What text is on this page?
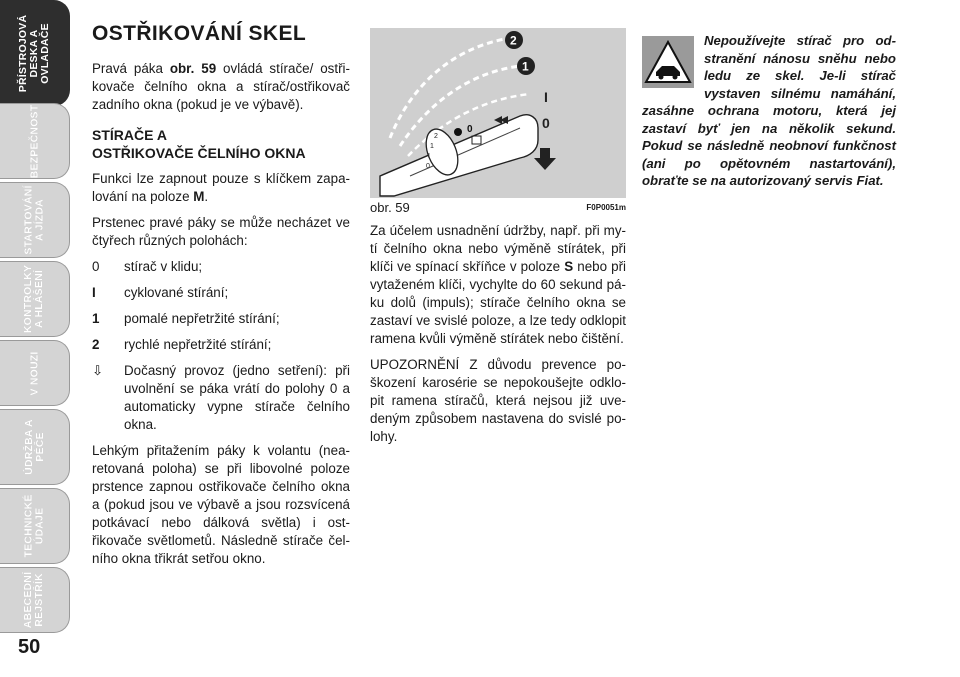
PŘÍSTROJOVÁ
DESKA A
OVLADAČE
BEZPEČNOST
STARTOVÁNÍ
A JÍZDA
KONTROLKY
A HLÁŠENÍ
V NOUZI
ÚDRŽBA A
PÉČE
TECHNICKÉ
ÚDAJE
ABECEDNÍ
REJSTŘÍK
50
OSTŘIKOVÁNÍ SKEL

Pravá páka obr. 59 ovládá stírače/ ostřikovače čelního okna a stírač/ostřikovač zadního okna (pokud je ve výbavě).

STÍRAČE A
OSTŘIKOVAČE ČELNÍHO OKNA

Funkci lze zapnout pouze s klíčkem zapalování na poloze M.

Prstenec pravé páky se může necházet ve čtyřech různých polohách:

0	stírač v klidu;
I	cyklované stírání;
1	pomalé nepřetržité stírání;
2	rychlé nepřetržité stírání;
⇩	Dočasný provoz (jedno setření): při uvolnění se páka vrátí do polohy 0 a automaticky vypne stírače čelního okna.

Lehkým přitažením páky k volantu (nearetovaná poloha) se při libovolné poloze prstence zapnou ostřikovače čelního okna a (pokud jsou ve výbavě a jsou rozsvícená potkávací nebo dálková světla) i ostřikovače světlometů. Následně stírače čelního okna třikrát setřou okno.

2
1
I
0
0
I
0
2
1
obr. 59	F0P0051m

Za účelem usnadnění údržby, např. při mytí čelního okna nebo výměně stírátek, při klíči ve spínací skříňce v poloze S nebo při vytaženém klíči, vychylte do 60 sekund páku dolů (impuls); stírače čelního okna se zastaví ve svislé poloze, a lze tedy odklopit ramena kvůli výměně stírátek nebo čištění.

UPOZORNĚNÍ Z důvodu prevence poškození karosérie se nepokoušejte odklopit ramena stíračů, která nejsou již uvedeným způsobem nastavena do svislé polohy.

Nepoužívejte stírač pro odstranění nánosu sněhu nebo ledu ze skel. Je-li stírač vystaven silnému namáhání, zasáhne ochrana motoru, která jej zastaví byť jen na několik sekund. Pokud se následně neobnoví funkčnost (ani po opětovném nastartování), obraťte se na autorizovaný servis Fiat.
